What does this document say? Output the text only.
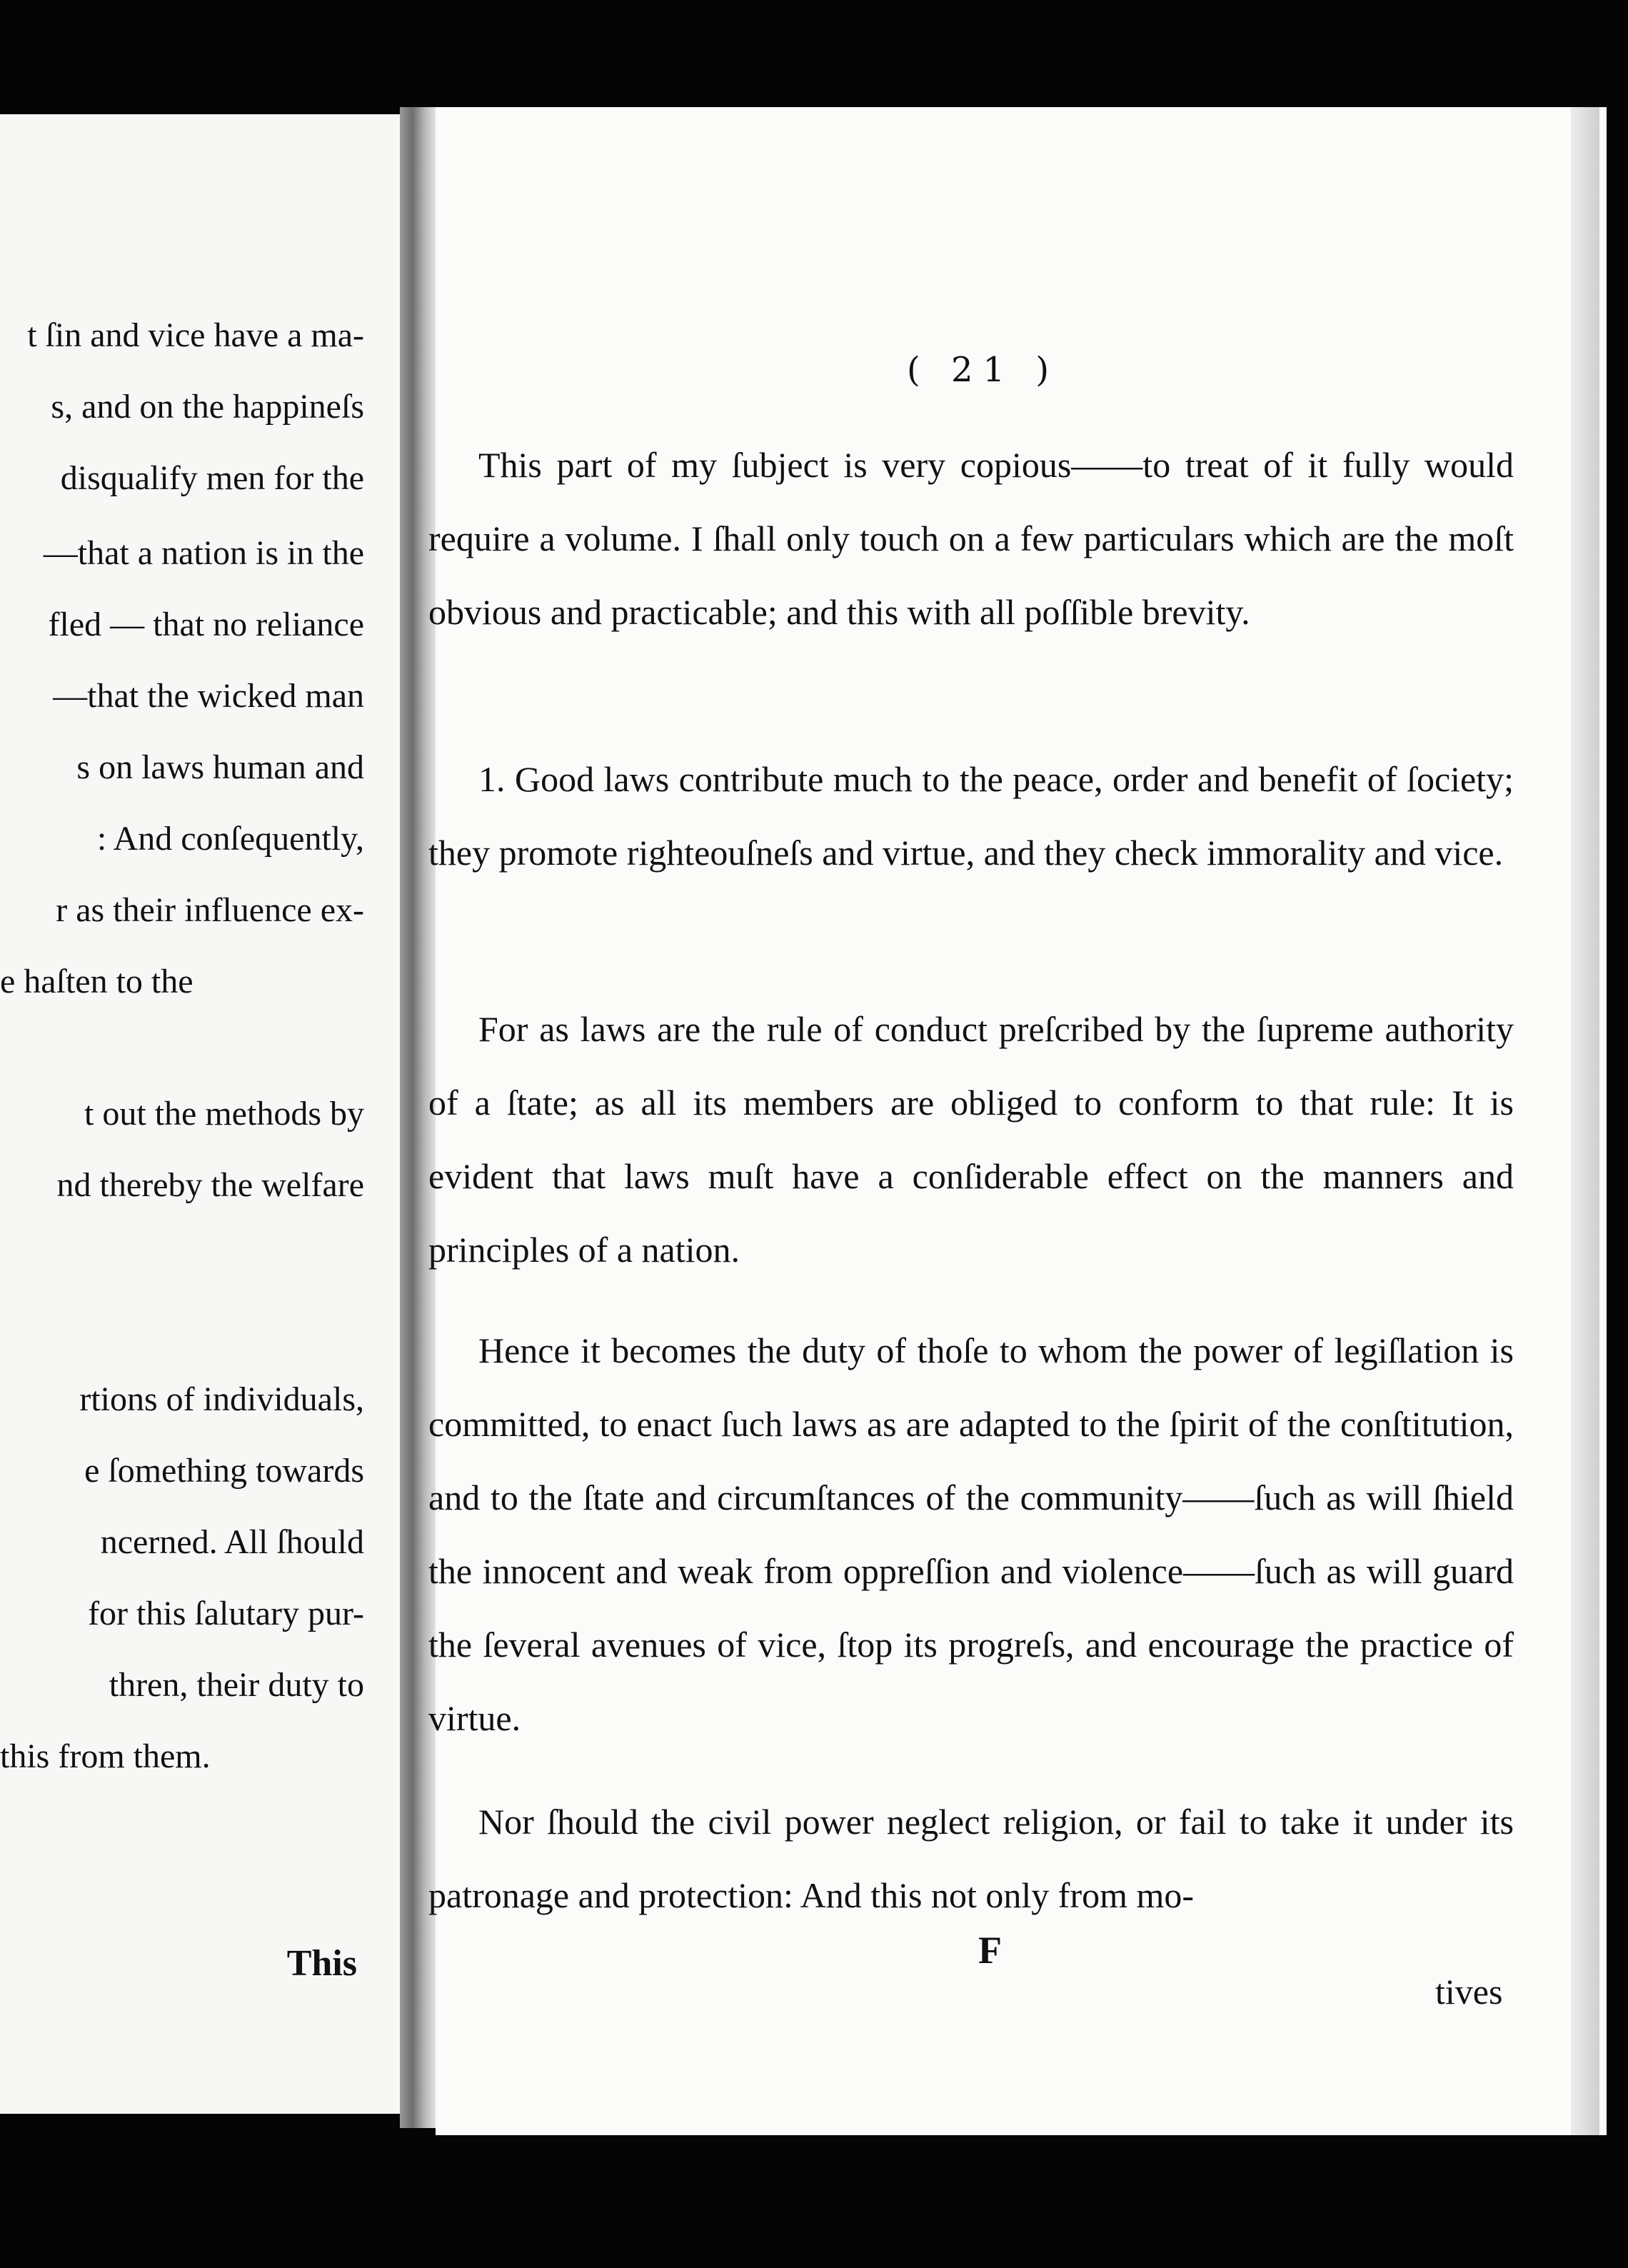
t ſin and vice have a ma-
s, and on the happineſs
disqualify men for the
—that a nation is in the
fled — that no reliance
—that the wicked man
s on laws human and
: And conſequently,
r as their influence ex-
e haſten to the
t out the methods by
nd thereby the welfare
rtions of individuals,
e ſomething towards
ncerned. All ſhould
for this ſalutary pur-
thren, their duty to
this from them.
This
( 21 )

This part of my ſubject is very copious——to treat of it fully would require a volume. I ſhall only touch on a few particulars which are the moſt obvious and practicable; and this with all poſſible brevity.

1. Good laws contribute much to the peace, order and benefit of ſociety; they promote righteouſneſs and virtue, and they check immorality and vice.

For as laws are the rule of conduct preſcribed by the ſupreme authority of a ſtate; as all its members are obliged to conform to that rule: It is evident that laws muſt have a conſiderable effect on the manners and principles of a nation.

Hence it becomes the duty of thoſe to whom the power of legiſlation is committed, to enact ſuch laws as are adapted to the ſpirit of the conſtitution, and to the ſtate and circumſtances of the community——ſuch as will ſhield the innocent and weak from oppreſſion and violence——ſuch as will guard the ſeveral avenues of vice, ſtop its progreſs, and encourage the practice of virtue.

Nor ſhould the civil power neglect religion, or fail to take it under its patronage and protection: And this not only from mo-

F
tives
